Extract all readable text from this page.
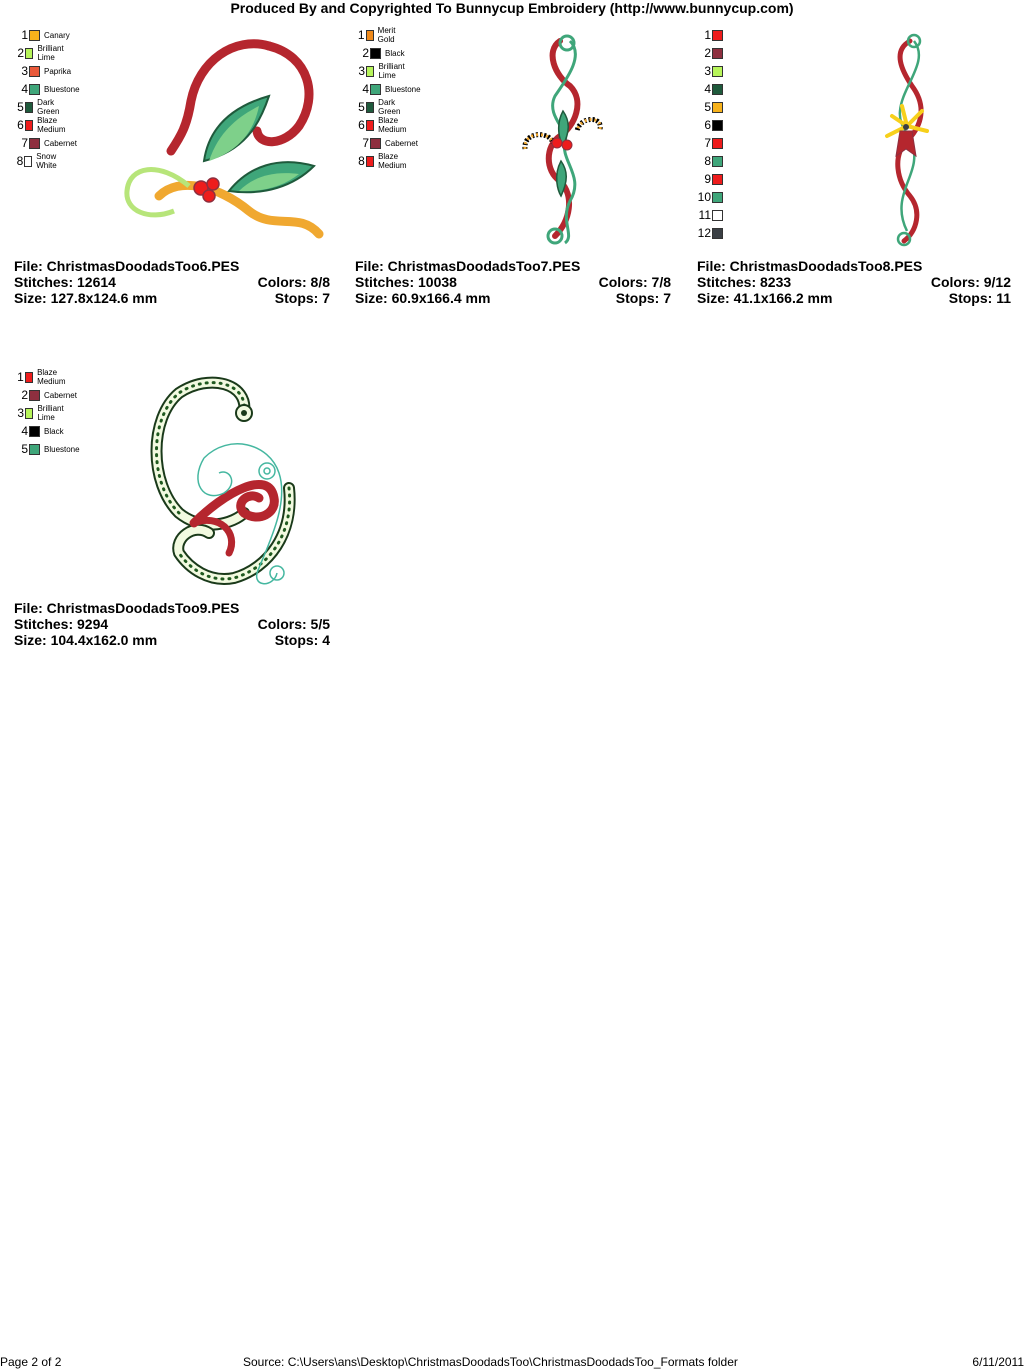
Produced By and Copyrighted To Bunnycup Embroidery (http://www.bunnycup.com)
1 Canary
2 Brilliant Lime
3 Paprika
4 Bluestone
5 Dark Green
6 Blaze Medium
7 Cabernet
8 Snow White
File: ChristmasDoodadsToo6.PES
Stitches: 12614	Colors: 8/8
Size: 127.8x124.6 mm	Stops: 7
1 Merit Gold
2 Black
3 Brilliant Lime
4 Bluestone
5 Dark Green
6 Blaze Medium
7 Cabernet
8 Blaze Medium
File: ChristmasDoodadsToo7.PES
Stitches: 10038	Colors: 7/8
Size: 60.9x166.4 mm	Stops: 7
1
2
3
4
5
6
7
8
9
10
11
12
File: ChristmasDoodadsToo8.PES
Stitches: 8233	Colors: 9/12
Size: 41.1x166.2 mm	Stops: 11
1 Blaze Medium
2 Cabernet
3 Brilliant Lime
4 Black
5 Bluestone
File: ChristmasDoodadsToo9.PES
Stitches: 9294	Colors: 5/5
Size: 104.4x162.0 mm	Stops: 4
Page 2 of 2	Source: C:\Users\ans\Desktop\ChristmasDoodadsToo\ChristmasDoodadsToo_Formats folder	6/11/2011
